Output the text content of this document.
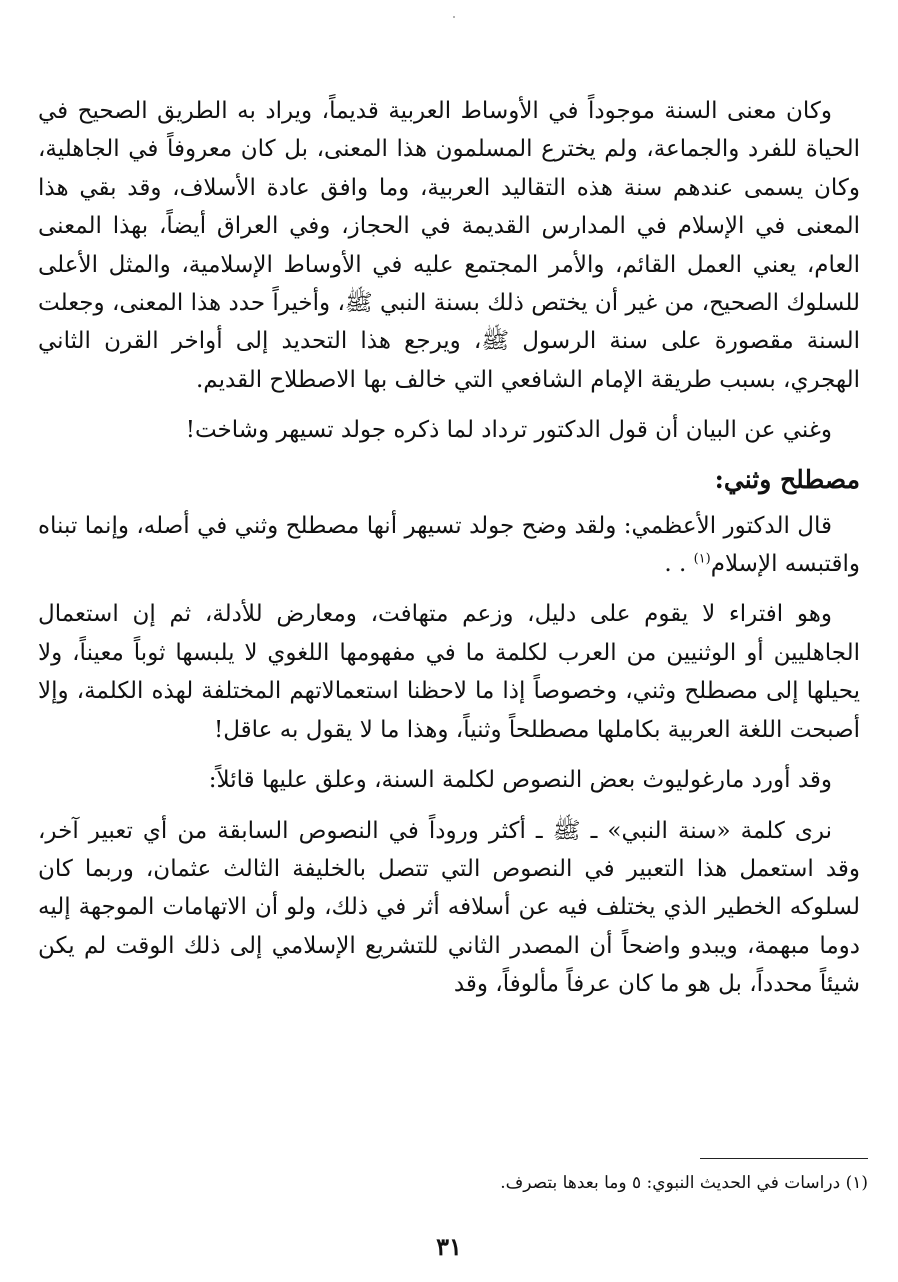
وكان معنى السنة موجوداً في الأوساط العربية قديماً، ويراد به الطريق الصحيح في الحياة للفرد والجماعة، ولم يخترع المسلمون هذا المعنى، بل كان معروفاً في الجاهلية، وكان يسمى عندهم سنة هذه التقاليد العربية، وما وافق عادة الأسلاف، وقد بقي هذا المعنى في الإسلام في المدارس القديمة في الحجاز، وفي العراق أيضاً، بهذا المعنى العام، يعني العمل القائم، والأمر المجتمع عليه في الأوساط الإسلامية، والمثل الأعلى للسلوك الصحيح، من غير أن يختص ذلك بسنة النبي ﷺ، وأخيراً حدد هذا المعنى، وجعلت السنة مقصورة على سنة الرسول ﷺ، ويرجع هذا التحديد إلى أواخر القرن الثاني الهجري، بسبب طريقة الإمام الشافعي التي خالف بها الاصطلاح القديم.

وغني عن البيان أن قول الدكتور ترداد لما ذكره جولد تسيهر وشاخت!

مصطلح وثني:

قال الدكتور الأعظمي: ولقد وضح جولد تسيهر أنها مصطلح وثني في أصله، وإنما تبناه واقتبسه الإسلام$^{(١)}$ . .

وهو افتراء لا يقوم على دليل، وزعم متهافت، ومعارض للأدلة، ثم إن استعمال الجاهليين أو الوثنيين من العرب لكلمة ما في مفهومها اللغوي لا يلبسها ثوباً معيناً، ولا يحيلها إلى مصطلح وثني، وخصوصاً إذا ما لاحظنا استعمالاتهم المختلفة لهذه الكلمة، وإلا أصبحت اللغة العربية بكاملها مصطلحاً وثنياً، وهذا ما لا يقول به عاقل!

وقد أورد مارغوليوث بعض النصوص لكلمة السنة، وعلق عليها قائلاً:

نرى كلمة «سنة النبي» ـ ﷺ ـ أكثر وروداً في النصوص السابقة من أي تعبير آخر، وقد استعمل هذا التعبير في النصوص التي تتصل بالخليفة الثالث عثمان، وربما كان لسلوكه الخطير الذي يختلف فيه عن أسلافه أثر في ذلك، ولو أن الاتهامات الموجهة إليه دوما مبهمة، ويبدو واضحاً أن المصدر الثاني للتشريع الإسلامي إلى ذلك الوقت لم يكن شيئاً محدداً، بل هو ما كان عرفاً مألوفاً، وقد

(١) دراسات في الحديث النبوي: ٥ وما بعدها بتصرف.
٣١
